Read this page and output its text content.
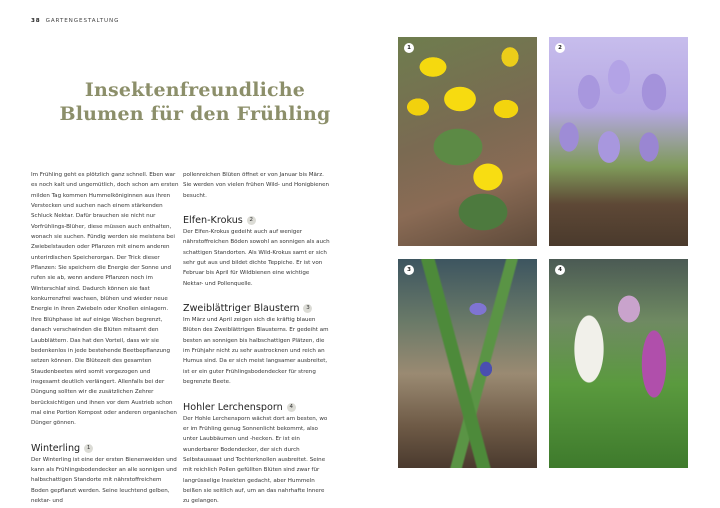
38 GARTENGESTALTUNG
Insektenfreundliche
Blumen für den Frühling

Im Frühling geht es plötzlich ganz schnell. Eben war es noch kalt und ungemütlich, doch schon am ersten milden Tag kommen Hummelköniginnen aus ihren Verstecken und suchen nach einem stärkenden Schluck Nektar. Dafür brauchen sie nicht nur Vorfrühlings-Blüher, diese müssen auch enthalten, wonach sie suchen. Fündig werden sie meistens bei Zwiebelstauden oder Pflanzen mit einem anderen unterirdischen Speicherorgan. Der Trick dieser Pflanzen: Sie speichern die Energie der Sonne und rufen sie ab, wenn andere Pflanzen noch im Winterschlaf sind. Dadurch können sie fast konkurrenzfrei wachsen, blühen und wieder neue Energie in ihren Zwiebeln oder Knollen einlagern. Ihre Blühphase ist auf einige Wochen begrenzt, danach verschwinden die Blüten mitsamt den Laubblättern. Das hat den Vorteil, dass wir sie bedenkenlos in jede bestehende Beetbepflanzung setzen können. Die Blütezeit des gesamten Staudenbeetes wird somit vorgezogen und insgesamt deutlich verlängert. Allenfalls bei der Düngung sollten wir die zusätzlichen Zehrer berücksichtigen und ihnen vor dem Austrieb schon mal eine Portion Kompost oder anderen organischen Dünger gönnen.

Winterling	1

Der Winterling ist eine der ersten Bienenweiden und kann als Frühlingsbodendecker an alle sonnigen und halbschattigen Standorte mit nährstoffreichem Boden gepflanzt werden. Seine leuchtend gelben, nektar- und

pollenreichen Blüten öffnet er von Januar bis März. Sie werden von vielen frühen Wild- und Honigbienen besucht.

Elfen-Krokus	2

Der Elfen-Krokus gedeiht auch auf weniger nährstoffreichen Böden sowohl an sonnigen als auch schattigen Standorten. Als Wild-Krokus samt er sich sehr gut aus und bildet dichte Teppiche. Er ist von Februar bis April für Wildbienen eine wichtige Nektar- und Pollenquelle.

Zweiblättriger Blaustern	3

Im März und April zeigen sich die kräftig blauen Blüten des Zweiblättrigen Blausterns. Er gedeiht am besten an sonnigen bis halbschattigen Plätzen, die im Frühjahr nicht zu sehr austrocknen und reich an Humus sind. Da er sich meist langsamer ausbreitet, ist er ein guter Frühlingsbodendecker für streng begrenzte Beete.

Hohler Lerchensporn	4

Der Hohle Lerchensporn wächst dort am besten, wo er im Frühling genug Sonnenlicht bekommt, also unter Laubbäumen und -hecken. Er ist ein wunderbarer Bodendecker, der sich durch Selbstaussaat und Tochterknollen ausbreitet. Seine mit reichlich Pollen gefüllten Blüten sind zwar für langrüsselige Insekten gedacht, aber Hummeln beißen sie seitlich auf, um an das nahrhafte Innere zu gelangen.

1	2
3	4
